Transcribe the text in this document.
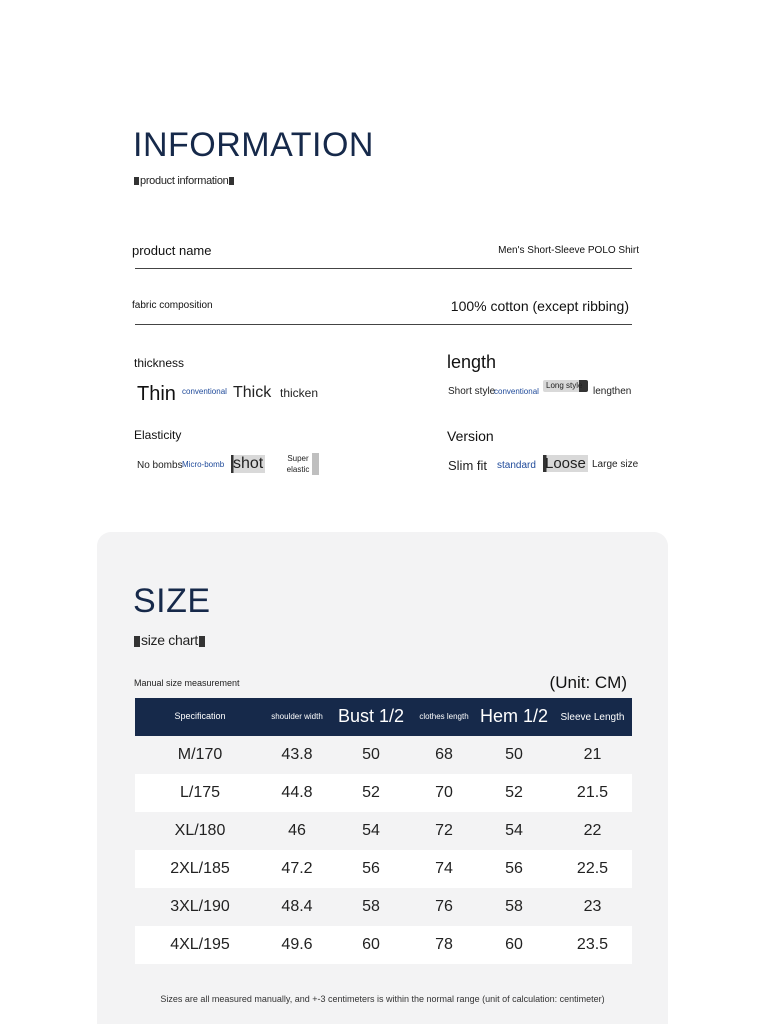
INFORMATION
product information
product name	Men's Short-Sleeve POLO Shirt
fabric composition	100% cotton (except ribbing)
thickness
Thin conventional Thick thicken
length
Short style
conventional
Long style
lengthen
Elasticity
No bombs Micro-bomb shot	Super elastic
Version
Slim fit standard Loose Large size
SIZE
size chart
Manual size measurement	(Unit: CM)
Specification	shoulder width	Bust 1/2	clothes length	Hem 1/2	Sleeve Length
M/170	43.8	50	68	50	21
L/175	44.8	52	70	52	21.5
XL/180	46	54	72	54	22
2XL/185	47.2	56	74	56	22.5
3XL/190	48.4	58	76	58	23
4XL/195	49.6	60	78	60	23.5
Sizes are all measured manually, and +-3 centimeters is within the normal range (unit of calculation: centimeter)
